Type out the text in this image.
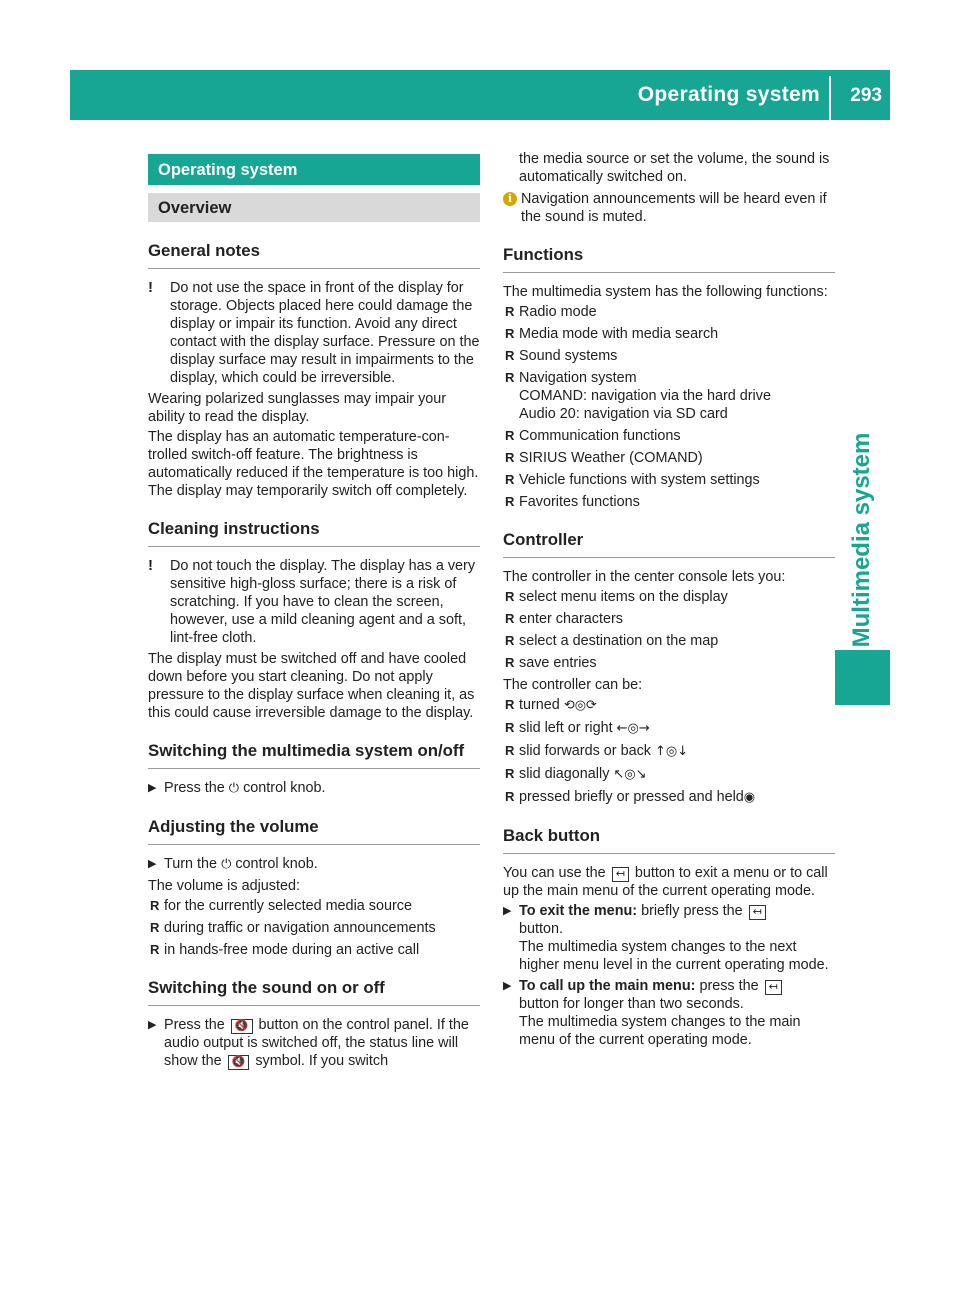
Operating system 293
Multimedia system
Operating system
Overview
General notes
! Do not use the space in front of the display for storage. Objects placed here could damage the display or impair its function. Avoid any direct contact with the display surface. Pressure on the display surface may result in impairments to the display, which could be irreversible.

Wearing polarized sunglasses may impair your ability to read the display.

The display has an automatic temperature-controlled switch-off feature. The brightness is automatically reduced if the temperature is too high. The display may temporarily switch off completely.

Cleaning instructions
! Do not touch the display. The display has a very sensitive high-gloss surface; there is a risk of scratching. If you have to clean the screen, however, use a mild cleaning agent and a soft, lint-free cloth.

The display must be switched off and have cooled down before you start cleaning. Do not apply pressure to the display surface when cleaning it, as this could cause irreversible damage to the display.

Switching the multimedia system on/off
▶ Press the ⏻ control knob.
Adjusting the volume
▶ Turn the ⏻ control knob.

The volume is adjusted:

R for the currently selected media source
R during traffic or navigation announcements
R in hands-free mode during an active call
Switching the sound on or off
▶ Press the 🔇 button on the control panel. If the audio output is switched off, the status line will show the 🔇 symbol. If you switch
the media source or set the volume, the sound is automatically switched on.
i Navigation announcements will be heard even if the sound is muted.
Functions

The multimedia system has the following functions:

R Radio mode
R Media mode with media search
R Sound systems
R Navigation system
COMAND: navigation via the hard drive
Audio 20: navigation via SD card
R Communication functions
R SIRIUS Weather (COMAND)
R Vehicle functions with system settings
R Favorites functions
Controller

The controller in the center console lets you:

R select menu items on the display
R enter characters
R select a destination on the map
R save entries

The controller can be:

R turned ⟲◎⟳
R slid left or right ←◎→
R slid forwards or back ↑◎↓
R slid diagonally ↖◎↘
R pressed briefly or pressed and held◉
Back button

You can use the ↤ button to exit a menu or to call up the main menu of the current operating mode.

▶ To exit the menu: briefly press the ↤
button.
The multimedia system changes to the next higher menu level in the current operating mode.
▶ To call up the main menu: press the ↤
button for longer than two seconds.
The multimedia system changes to the main menu of the current operating mode.
